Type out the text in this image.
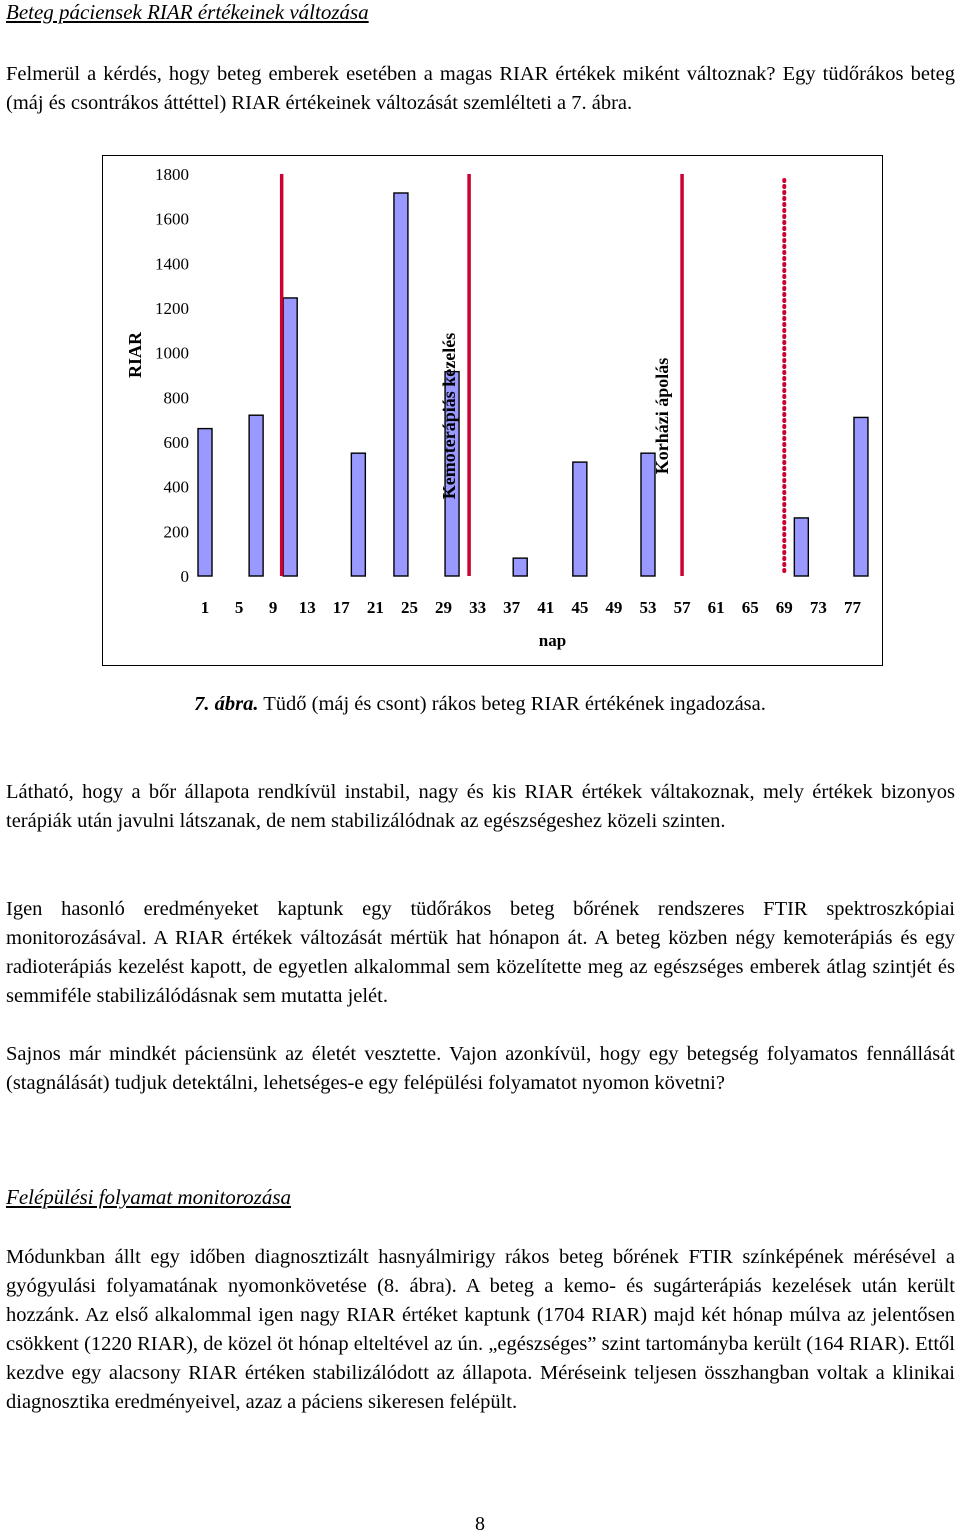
Beteg páciensek RIAR értékeinek változása

Felmerül a kérdés, hogy beteg emberek esetében a magas RIAR értékek miként változnak? Egy tüdőrákos beteg (máj és csontrákos áttéttel) RIAR értékeinek változását szemlélteti a 7. ábra.

0
200
400
600
800
1000
1200
1400
1600
1800
1 5 9 13 17 21 25 29 33 37 41 45 49 53 57 61 65 69 73 77
RIAR
nap
Kemoterápiás kezelés	Korházi ápolás
7. ábra. Tüdő (máj és csont) rákos beteg RIAR értékének ingadozása.

Látható, hogy a bőr állapota rendkívül instabil, nagy és kis RIAR értékek váltakoznak, mely értékek bizonyos terápiák után javulni látszanak, de nem stabilizálódnak az egészségeshez közeli szinten.

Igen hasonló eredményeket kaptunk egy tüdőrákos beteg bőrének rendszeres FTIR spektroszkópiai monitorozásával. A RIAR értékek változását mértük hat hónapon át. A beteg közben négy kemoterápiás és egy radioterápiás kezelést kapott, de egyetlen alkalommal sem közelítette meg az egészséges emberek átlag szintjét és semmiféle stabilizálódásnak sem mutatta jelét.

Sajnos már mindkét páciensünk az életét vesztette. Vajon azonkívül, hogy egy betegség folyamatos fennállását (stagnálását) tudjuk detektálni, lehetséges-e egy felépülési folyamatot nyomon követni?

Felépülési folyamat monitorozása

Módunkban állt egy időben diagnosztizált hasnyálmirigy rákos beteg bőrének FTIR színképének mérésével a gyógyulási folyamatának nyomonkövetése (8. ábra). A beteg a kemo- és sugárterápiás kezelések után került hozzánk. Az első alkalommal igen nagy RIAR értéket kaptunk (1704 RIAR) majd két hónap múlva az jelentősen csökkent (1220 RIAR), de közel öt hónap elteltével az ún. „egészséges” szint tartományba került (164 RIAR). Ettől kezdve egy alacsony RIAR értéken stabilizálódott az állapota. Méréseink teljesen összhangban voltak a klinikai diagnosztika eredményeivel, azaz a páciens sikeresen felépült.

8
